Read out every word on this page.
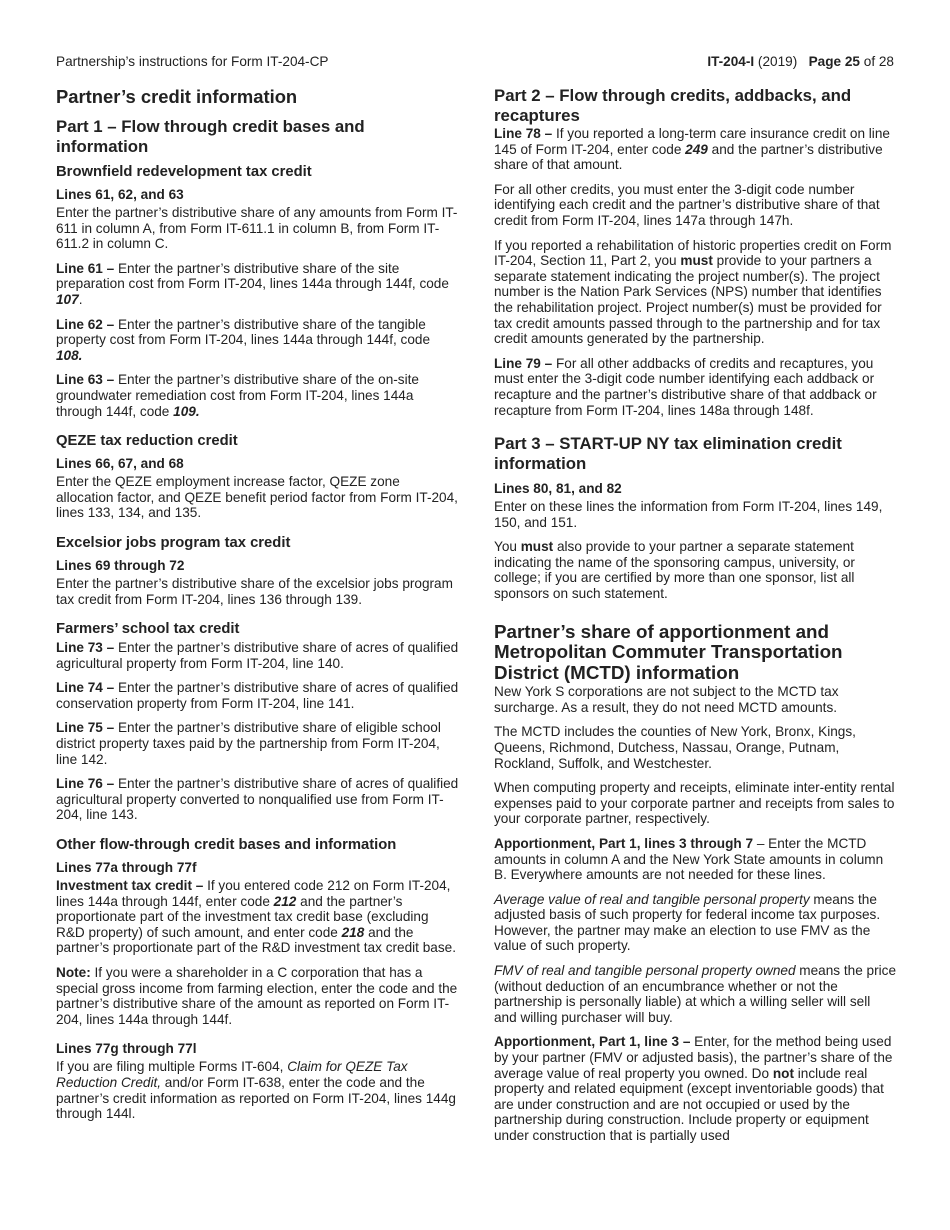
Partnership’s instructions for Form IT-204-CP	IT-204-I (2019) Page 25 of 28
Partner’s credit information
Part 1 – Flow through credit bases and information
Brownfield redevelopment tax credit
Lines 61, 62, and 63

Enter the partner’s distributive share of any amounts from Form IT-611 in column A, from Form IT-611.1 in column B, from Form IT-611.2 in column C.

Line 61 – Enter the partner’s distributive share of the site preparation cost from Form IT-204, lines 144a through 144f, code 107.

Line 62 – Enter the partner’s distributive share of the tangible property cost from Form IT-204, lines 144a through 144f, code 108.

Line 63 – Enter the partner’s distributive share of the on-site groundwater remediation cost from Form IT-204, lines 144a through 144f, code 109.

QEZE tax reduction credit
Lines 66, 67, and 68

Enter the QEZE employment increase factor, QEZE zone allocation factor, and QEZE benefit period factor from Form IT-204, lines 133, 134, and 135.

Excelsior jobs program tax credit
Lines 69 through 72

Enter the partner’s distributive share of the excelsior jobs program tax credit from Form IT-204, lines 136 through 139.

Farmers’ school tax credit

Line 73 – Enter the partner’s distributive share of acres of qualified agricultural property from Form IT-204, line 140.

Line 74 – Enter the partner’s distributive share of acres of qualified conservation property from Form IT-204, line 141.

Line 75 – Enter the partner’s distributive share of eligible school district property taxes paid by the partnership from Form IT-204, line 142.

Line 76 – Enter the partner’s distributive share of acres of qualified agricultural property converted to nonqualified use from Form IT-204, line 143.

Other flow-through credit bases and information
Lines 77a through 77f

Investment tax credit – If you entered code 212 on Form IT-204, lines 144a through 144f, enter code 212 and the partner’s proportionate part of the investment tax credit base (excluding R&D property) of such amount, and enter code 218 and the partner’s proportionate part of the R&D investment tax credit base.

Note: If you were a shareholder in a C corporation that has a special gross income from farming election, enter the code and the partner’s distributive share of the amount as reported on Form IT-204, lines 144a through 144f.

Lines 77g through 77l

If you are filing multiple Forms IT-604, Claim for QEZE Tax Reduction Credit, and/or Form IT-638, enter the code and the partner’s credit information as reported on Form IT-204, lines 144g through 144l.

Part 2 – Flow through credits, addbacks, and recaptures

Line 78 – If you reported a long-term care insurance credit on line 145 of Form IT-204, enter code 249 and the partner’s distributive share of that amount.

For all other credits, you must enter the 3-digit code number identifying each credit and the partner’s distributive share of that credit from Form IT-204, lines 147a through 147h.

If you reported a rehabilitation of historic properties credit on Form IT-204, Section 11, Part 2, you must provide to your partners a separate statement indicating the project number(s). The project number is the Nation Park Services (NPS) number that identifies the rehabilitation project. Project number(s) must be provided for tax credit amounts passed through to the partnership and for tax credit amounts generated by the partnership.

Line 79 – For all other addbacks of credits and recaptures, you must enter the 3-digit code number identifying each addback or recapture and the partner’s distributive share of that addback or recapture from Form IT-204, lines 148a through 148f.

Part 3 – START-UP NY tax elimination credit information
Lines 80, 81, and 82

Enter on these lines the information from Form IT-204, lines 149, 150, and 151.

You must also provide to your partner a separate statement indicating the name of the sponsoring campus, university, or college; if you are certified by more than one sponsor, list all sponsors on such statement.

Partner’s share of apportionment and Metropolitan Commuter Transportation District (MCTD) information

New York S corporations are not subject to the MCTD tax surcharge. As a result, they do not need MCTD amounts.

The MCTD includes the counties of New York, Bronx, Kings, Queens, Richmond, Dutchess, Nassau, Orange, Putnam, Rockland, Suffolk, and Westchester.

When computing property and receipts, eliminate inter-entity rental expenses paid to your corporate partner and receipts from sales to your corporate partner, respectively.

Apportionment, Part 1, lines 3 through 7 – Enter the MCTD amounts in column A and the New York State amounts in column B. Everywhere amounts are not needed for these lines.

Average value of real and tangible personal property means the adjusted basis of such property for federal income tax purposes. However, the partner may make an election to use FMV as the value of such property.

FMV of real and tangible personal property owned means the price (without deduction of an encumbrance whether or not the partnership is personally liable) at which a willing seller will sell and willing purchaser will buy.

Apportionment, Part 1, line 3 – Enter, for the method being used by your partner (FMV or adjusted basis), the partner’s share of the average value of real property you owned. Do not include real property and related equipment (except inventoriable goods) that are under construction and are not occupied or used by the partnership during construction. Include property or equipment under construction that is partially used
